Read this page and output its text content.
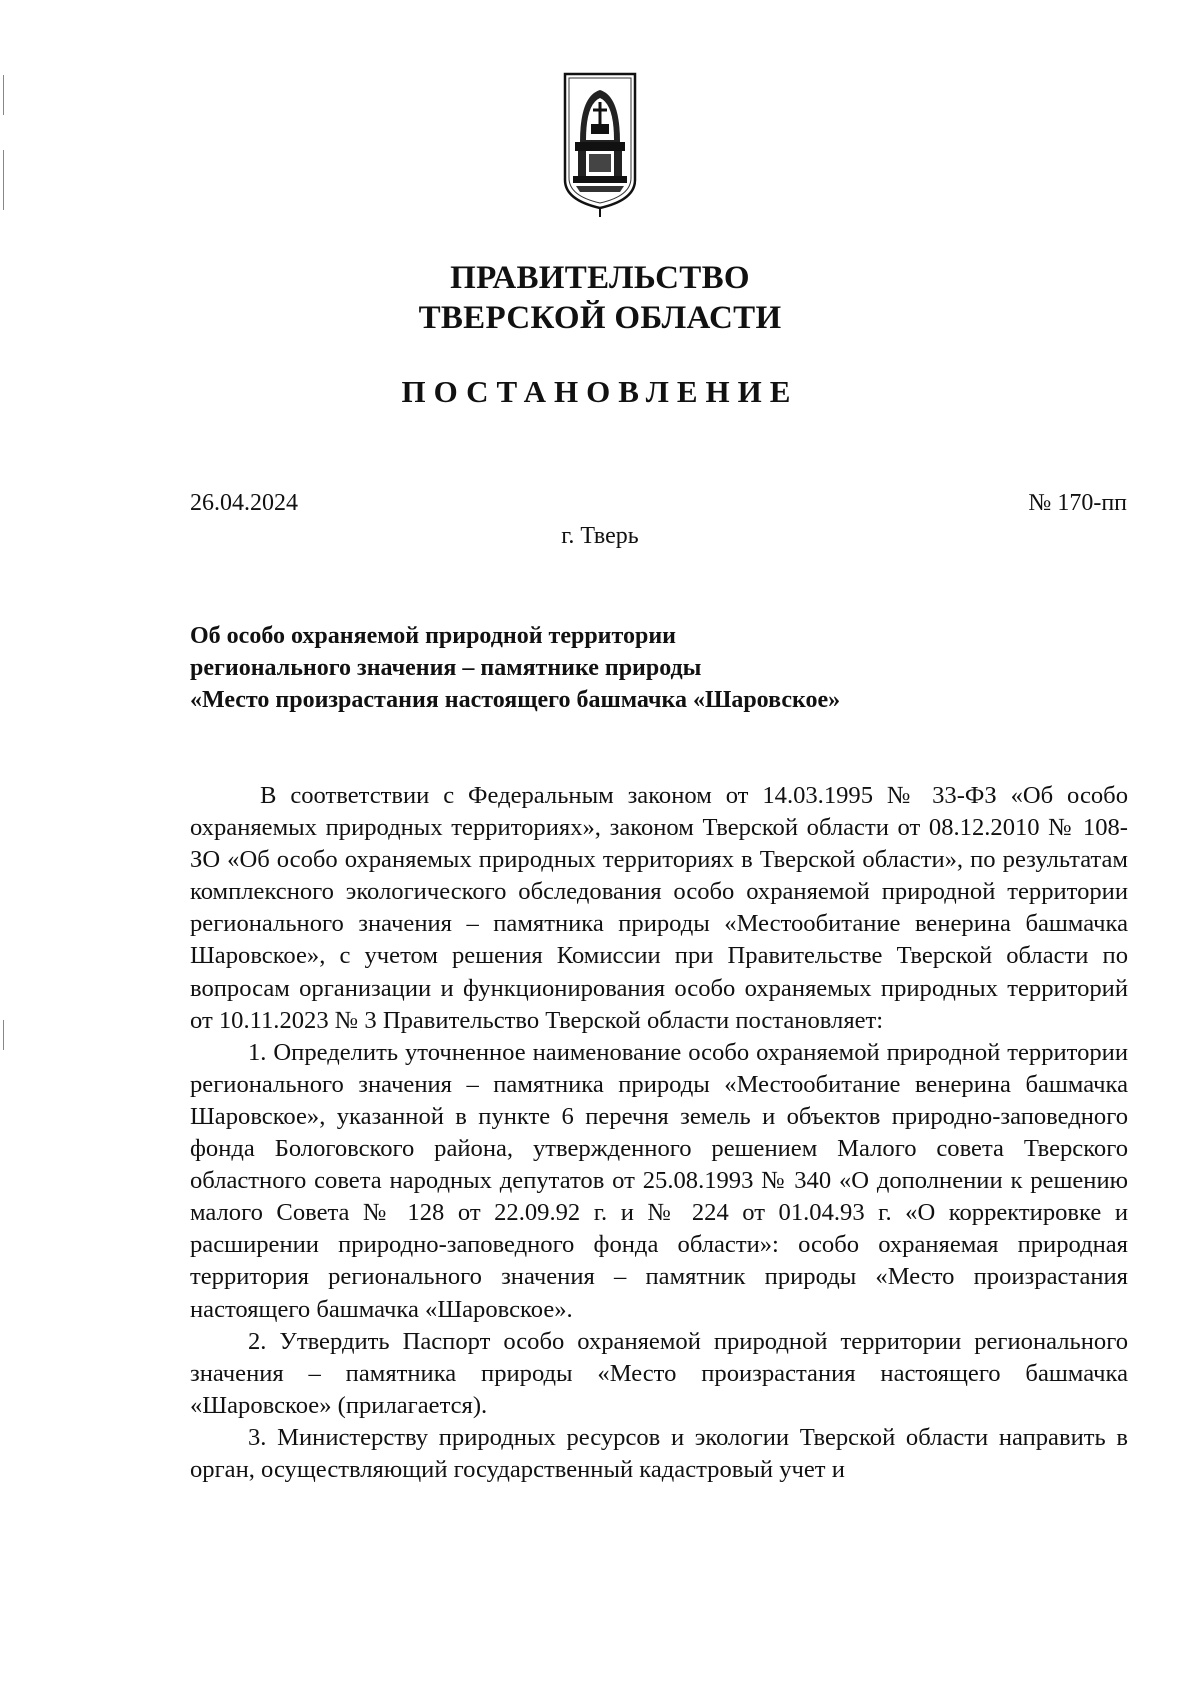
ПРАВИТЕЛЬСТВО
ТВЕРСКОЙ ОБЛАСТИ
ПОСТАНОВЛЕНИЕ
26.04.2024	№ 170-пп
г. Тверь
Об особо охраняемой природной территории
регионального значения – памятнике природы
«Место произрастания настоящего башмачка «Шаровское»

В соответствии с Федеральным законом от 14.03.1995 № 33-ФЗ «Об особо охраняемых природных территориях», законом Тверской области от 08.12.2010 № 108-ЗО «Об особо охраняемых природных территориях в Тверской области», по результатам комплексного экологического обследования особо охраняемой природной территории регионального значения – памятника природы «Местообитание венерина башмачка Шаровское», с учетом решения Комиссии при Правительстве Тверской области по вопросам организации и функционирования особо охраняемых природных территорий от 10.11.2023 № 3 Правительство Тверской области постановляет:

1. Определить уточненное наименование особо охраняемой природной территории регионального значения – памятника природы «Местообитание венерина башмачка Шаровское», указанной в пункте 6 перечня земель и объектов природно-заповедного фонда Бологовского района, утвержденного решением Малого совета Тверского областного совета народных депутатов от 25.08.1993 № 340 «О дополнении к решению малого Совета № 128 от 22.09.92 г. и № 224 от 01.04.93 г. «О корректировке и расширении природно-заповедного фонда области»: особо охраняемая природная территория регионального значения – памятник природы «Место произрастания настоящего башмачка «Шаровское».

2. Утвердить Паспорт особо охраняемой природной территории регионального значения – памятника природы «Место произрастания настоящего башмачка «Шаровское» (прилагается).

3. Министерству природных ресурсов и экологии Тверской области направить в орган, осуществляющий государственный кадастровый учет и
